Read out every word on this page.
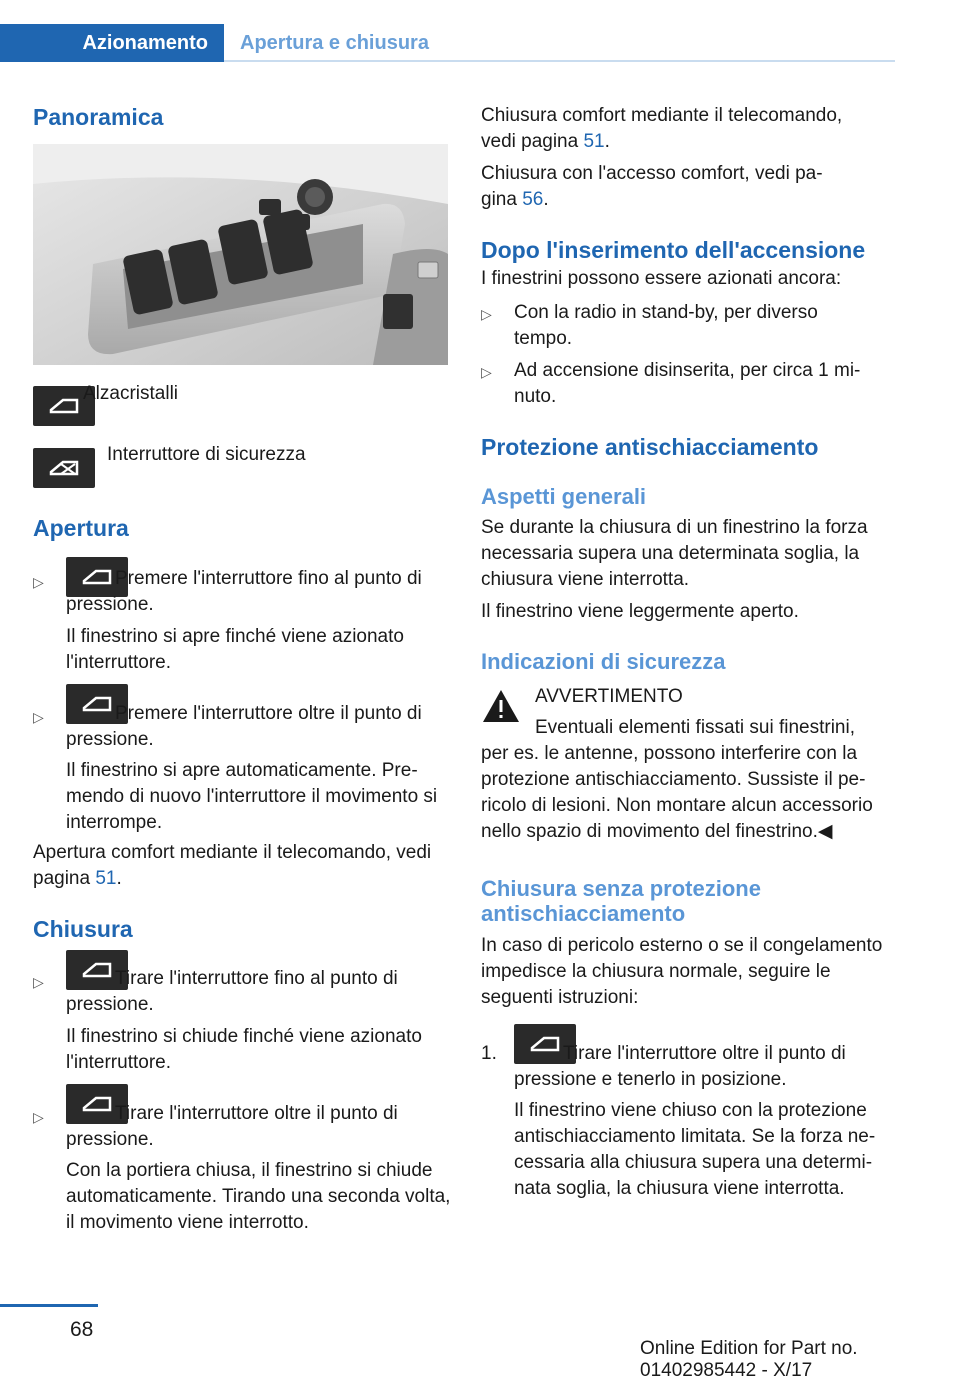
Azionamento	Apertura e chiusura
Panoramica
Alzacristalli
Interruttore di sicurezza
Apertura
▷	Premere l'interruttore fino al punto di
pressione.
Il finestrino si apre finché viene azionato l'interruttore.
▷	Premere l'interruttore oltre il punto di
pressione.
Il finestrino si apre automaticamente. Premendo di nuovo l'interruttore il movimento si interrompe.
Apertura comfort mediante il telecomando, vedi pagina 51.
Chiusura
▷	Tirare l'interruttore fino al punto di
pressione.
Il finestrino si chiude finché viene azionato l'interruttore.
▷	Tirare l'interruttore oltre il punto di
pressione.
Con la portiera chiusa, il finestrino si chiude automaticamente. Tirando una seconda volta, il movimento viene interrotto.
Chiusura comfort mediante il telecomando, vedi pagina 51.
Chiusura con l'accesso comfort, vedi pagina 56.
Dopo l'inserimento dell'accensione
I finestrini possono essere azionati ancora:
▷ Con la radio in stand-by, per diverso tempo.
▷ Ad accensione disinserita, per circa 1 minuto.
Protezione antischiacciamento
Aspetti generali
Se durante la chiusura di un finestrino la forza necessaria supera una determinata soglia, la chiusura viene interrotta.
Il finestrino viene leggermente aperto.
Indicazioni di sicurezza
AVVERTIMENTO
Eventuali elementi fissati sui finestrini,
per es. le antenne, possono interferire con la protezione antischiacciamento. Sussiste il pericolo di lesioni. Non montare alcun accessorio nello spazio di movimento del finestrino.◀
Chiusura senza protezione antischiacciamento
In caso di pericolo esterno o se il congelamento impedisce la chiusura normale, seguire le seguenti istruzioni:
1.	Tirare l'interruttore oltre il punto di
pressione e tenerlo in posizione.
Il finestrino viene chiuso con la protezione antischiacciamento limitata. Se la forza necessaria alla chiusura supera una determinata soglia, la chiusura viene interrotta.
68
Online Edition for Part no. 01402985442 - X/17
